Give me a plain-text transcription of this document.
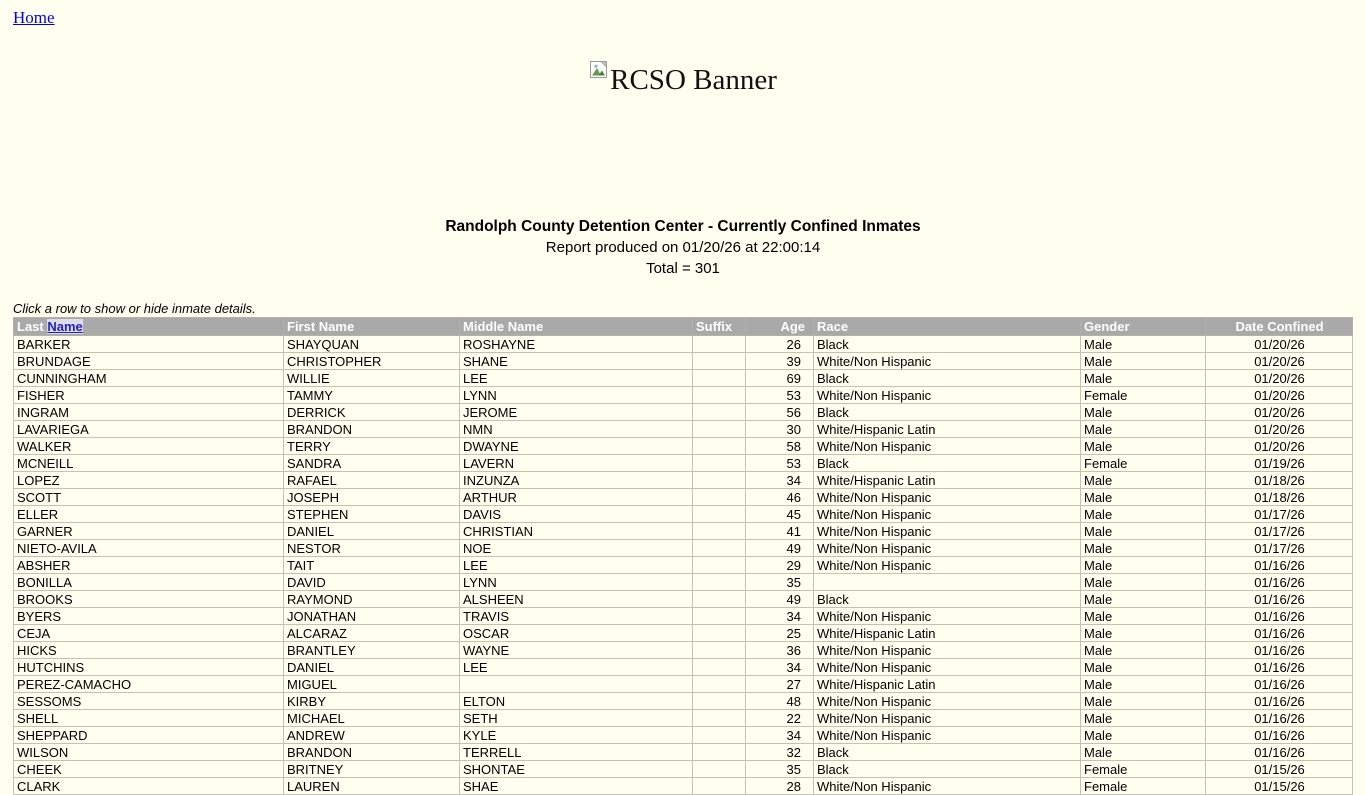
Home
RCSO Banner
Randolph County Detention Center - Currently Confined Inmates
Report produced on 01/20/26 at 22:00:14
Total = 301
Click a row to show or hide inmate details.
Last Name	First Name	Middle Name	Suffix	Age	Race	Gender	Date Confined
BARKER	SHAYQUAN	ROSHAYNE		26	Black	Male	01/20/26
BRUNDAGE	CHRISTOPHER	SHANE		39	White/Non Hispanic	Male	01/20/26
CUNNINGHAM	WILLIE	LEE		69	Black	Male	01/20/26
FISHER	TAMMY	LYNN		53	White/Non Hispanic	Female	01/20/26
INGRAM	DERRICK	JEROME		56	Black	Male	01/20/26
LAVARIEGA	BRANDON	NMN		30	White/Hispanic Latin	Male	01/20/26
WALKER	TERRY	DWAYNE		58	White/Non Hispanic	Male	01/20/26
MCNEILL	SANDRA	LAVERN		53	Black	Female	01/19/26
LOPEZ	RAFAEL	INZUNZA		34	White/Hispanic Latin	Male	01/18/26
SCOTT	JOSEPH	ARTHUR		46	White/Non Hispanic	Male	01/18/26
ELLER	STEPHEN	DAVIS		45	White/Non Hispanic	Male	01/17/26
GARNER	DANIEL	CHRISTIAN		41	White/Non Hispanic	Male	01/17/26
NIETO-AVILA	NESTOR	NOE		49	White/Non Hispanic	Male	01/17/26
ABSHER	TAIT	LEE		29	White/Non Hispanic	Male	01/16/26
BONILLA	DAVID	LYNN		35		Male	01/16/26
BROOKS	RAYMOND	ALSHEEN		49	Black	Male	01/16/26
BYERS	JONATHAN	TRAVIS		34	White/Non Hispanic	Male	01/16/26
CEJA	ALCARAZ	OSCAR		25	White/Hispanic Latin	Male	01/16/26
HICKS	BRANTLEY	WAYNE		36	White/Non Hispanic	Male	01/16/26
HUTCHINS	DANIEL	LEE		34	White/Non Hispanic	Male	01/16/26
PEREZ-CAMACHO	MIGUEL			27	White/Hispanic Latin	Male	01/16/26
SESSOMS	KIRBY	ELTON		48	White/Non Hispanic	Male	01/16/26
SHELL	MICHAEL	SETH		22	White/Non Hispanic	Male	01/16/26
SHEPPARD	ANDREW	KYLE		34	White/Non Hispanic	Male	01/16/26
WILSON	BRANDON	TERRELL		32	Black	Male	01/16/26
CHEEK	BRITNEY	SHONTAE		35	Black	Female	01/15/26
CLARK	LAUREN	SHAE		28	White/Non Hispanic	Female	01/15/26
